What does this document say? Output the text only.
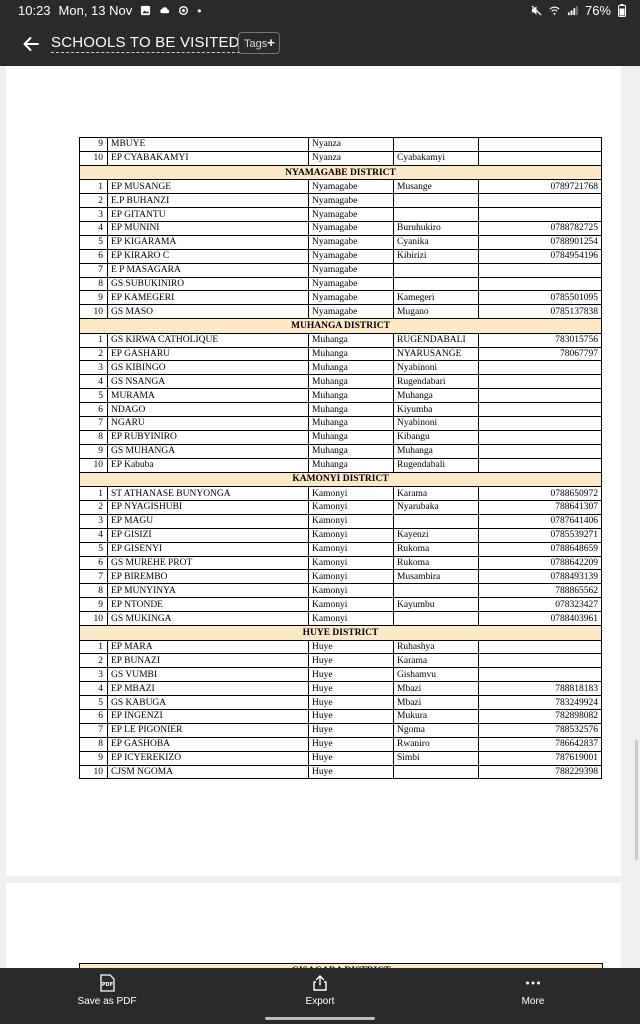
10:23 Mon, 13 Nov	•	76%
SCHOOLS TO BE VISITED Tags+
9	MBUYE	Nyanza		
10	EP CYABAKAMYI	Nyanza	Cyabakamyi	
NYAMAGABE DISTRICT				
1	EP MUSANGE	Nyamagabe	Musange	0789721768
2	E.P BUHANZI	Nyamagabe		
3	EP GITANTU	Nyamagabe		
4	EP MUNINI	Nyamagabe	Buruhukiro	0788782725
5	EP KIGARAMA	Nyamagabe	Cyanika	0788901254
6	EP KIRARO C	Nyamagabe	Kibirizi	0784954196
7	E P MASAGARA	Nyamagabe		
8	GS SUBUKINIRO	Nyamagabe		
9	EP KAMEGERI	Nyamagabe	Kamegeri	0785501095
10	GS MASO	Nyamagabe	Mugano	0785137838
MUHANGA DISTRICT				
1	GS KIRWA CATHOLIQUE	Muhanga	RUGENDABALI	783015756
2	EP GASHARU	Muhanga	NYARUSANGE	78067797
3	GS KIBINGO	Muhanga	Nyabinoni	
4	GS NSANGA	Muhanga	Rugendabari	
5	MURAMA	Muhanga	Muhanga	
6	NDAGO	Muhanga	Kiyumba	
7	NGARU	Muhanga	Nyabinoni	
8	EP RUBYINIRO	Muhanga	Kibangu	
9	GS MUHANGA	Muhanga	Muhanga	
10	EP Kabuba	Muhanga	Rugendabali	
KAMONYI DISTRICT				
1	ST ATHANASE BUNYONGA	Kamonyi	Karama	0788650972
2	EP NYAGISHUBI	Kamonyi	Nyarubaka	788641307
3	EP MAGU	Kamonyi		0787641406
4	EP GISIZI	Kamonyi	Kayenzi	0785539271
5	EP GISENYI	Kamonyi	Rukoma	0788648659
6	GS MUREHE PROT	Kamonyi	Rukoma	0788642209
7	EP BIREMBO	Kamonyi	Musambira	0788493139
8	EP MUNYINYA	Kamonyi		788865562
9	EP NTONDE	Kamonyi	Kayumbu	078323427
10	GS MUKINGA	Kamonyi		0788403961
HUYE DISTRICT				
1	EP MARA	Huye	Ruhashya	
2	EP BUNAZI	Huye	Karama	
3	GS VUMBI	Huye	Gishamvu	
4	EP MBAZI	Huye	Mbazi	788818183
5	GS KABUGA	Huye	Mbazi	783249924
6	EP INGENZI	Huye	Mukura	782898082
7	EP LE PIGONIER	Huye	Ngoma	788532576
8	EP GASHOBA	Huye	Rwaniro	786642837
9	EP ICYEREKIZO	Huye	Simbi	787619001
10	CJSM NGOMA	Huye		788229398
PDF
Save as PDF	Export	More
